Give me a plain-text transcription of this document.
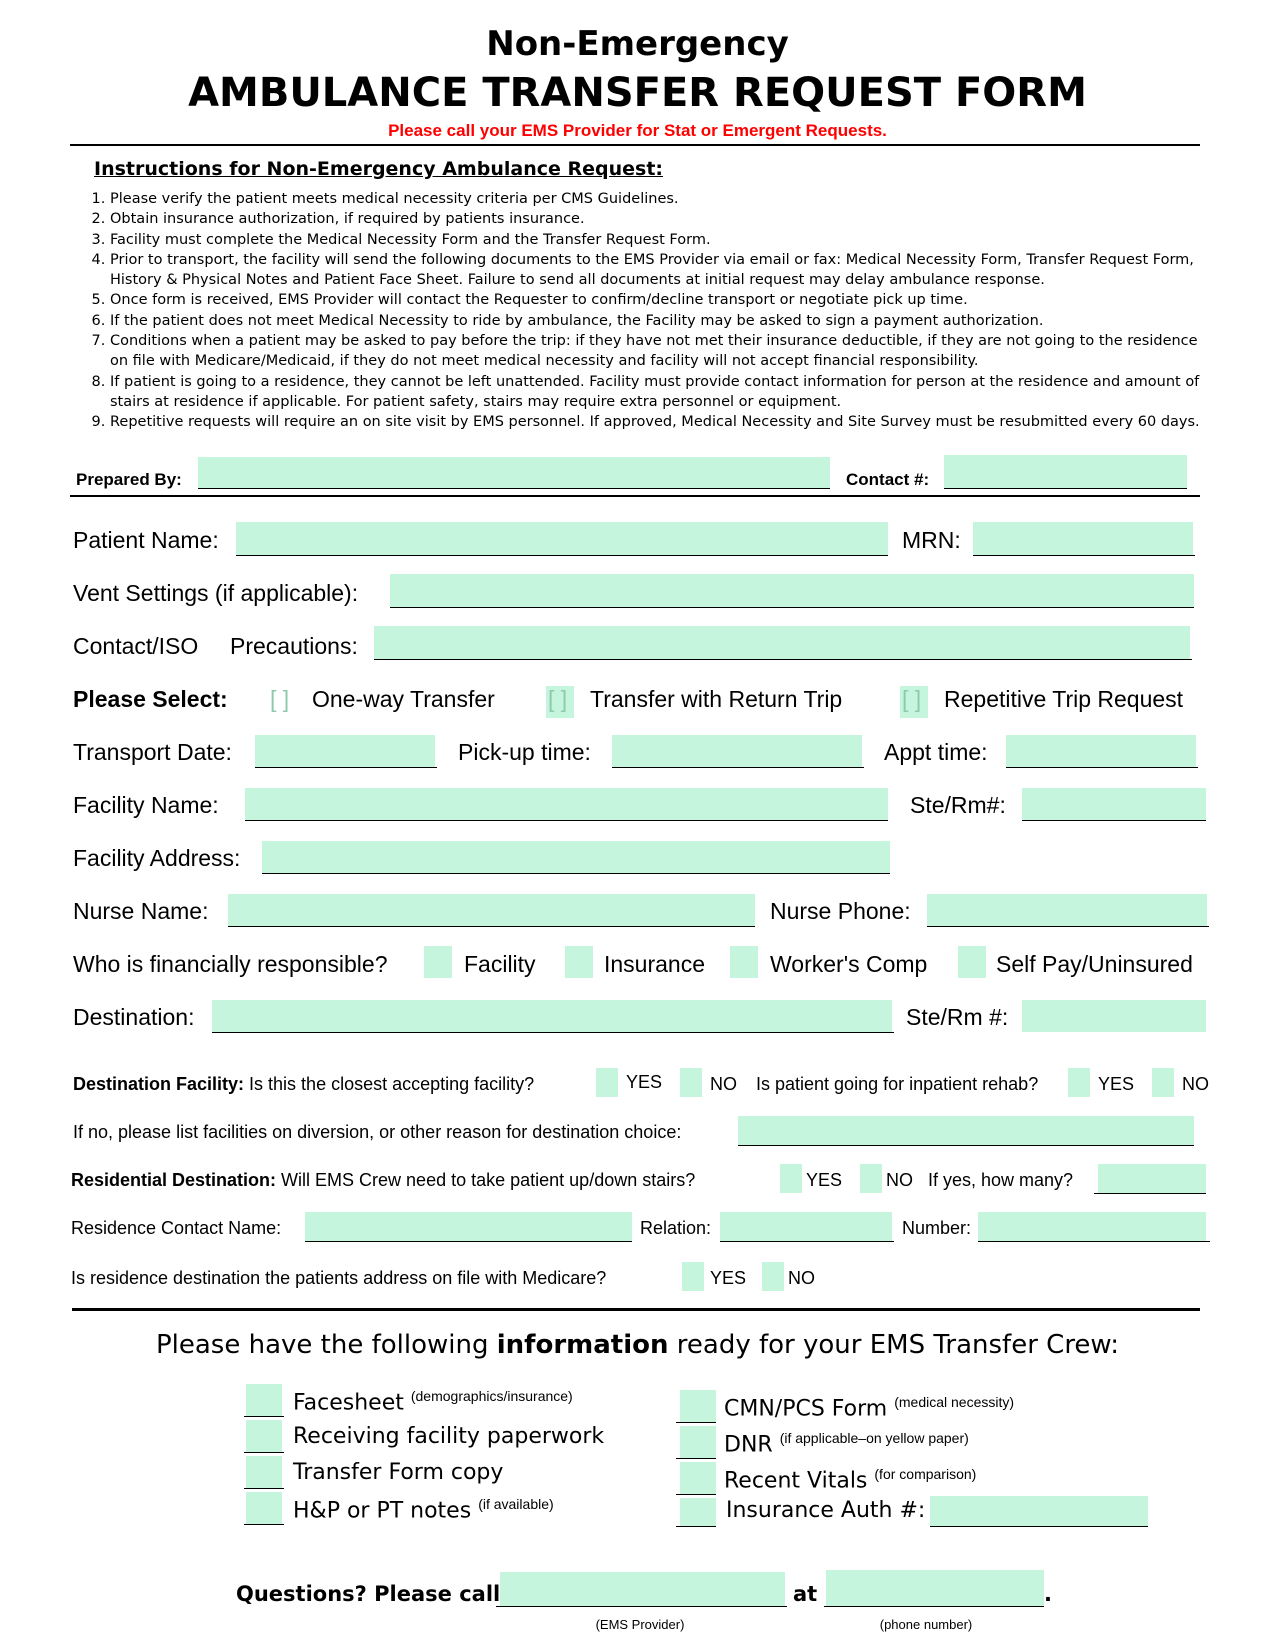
Non-Emergency
AMBULANCE TRANSFER REQUEST FORM
Please call your EMS Provider for Stat or Emergent Requests.
Instructions for Non-Emergency Ambulance Request:
1. Please verify the patient meets medical necessity criteria per CMS Guidelines.
2. Obtain insurance authorization, if required by patients insurance.
3. Facility must complete the Medical Necessity Form and the Transfer Request Form.
4. Prior to transport, the facility will send the following documents to the EMS Provider via email or fax: Medical Necessity Form, Transfer Request Form, History & Physical Notes and Patient Face Sheet. Failure to send all documents at initial request may delay ambulance response.
5. Once form is received, EMS Provider will contact the Requester to confirm/decline transport or negotiate pick up time.
6. If the patient does not meet Medical Necessity to ride by ambulance, the Facility may be asked to sign a payment authorization.
7. Conditions when a patient may be asked to pay before the trip: if they have not met their insurance deductible, if they are not going to the residence on file with Medicare/Medicaid, if they do not meet medical necessity and facility will not accept financial responsibility.
8. If patient is going to a residence, they cannot be left unattended. Facility must provide contact information for person at the residence and amount of stairs at residence if applicable. For patient safety, stairs may require extra personnel or equipment.
9. Repetitive requests will require an on site visit by EMS personnel. If approved, Medical Necessity and Site Survey must be resubmitted every 60 days.
Prepared By:	Contact #:
Patient Name:	MRN:
Vent Settings (if applicable):
Contact/ISO Precautions:
Please Select: [ ] One-way Transfer [ ] Transfer with Return Trip	[ ] Repetitive Trip Request
Transport Date:	Pick-up time:	Appt time:
Facility Name:	Ste/Rm#:
Facility Address:
Nurse Name:	Nurse Phone:
Who is financially responsible?	Facility	Insurance	Worker's Comp	Self Pay/Uninsured
Destination:	Ste/Rm #:
Destination Facility: Is this the closest accepting facility?	YES	NO Is patient going for inpatient rehab?	YES	NO
If no, please list facilities on diversion, or other reason for destination choice:
Residential Destination: Will EMS Crew need to take patient up/down stairs?	YES NO If yes, how many?
Residence Contact Name:	Relation:	Number:
Is residence destination the patients address on file with Medicare?	YES NO
Please have the following information ready for your EMS Transfer Crew:
Facesheet $^{(demographics/insurance)}$
Receiving facility paperwork
Transfer Form copy
H&P or PT notes $^{(if available)}$
CMN/PCS Form $^{(medical necessity)}$
DNR $^{(if applicable-on yellow paper)}$
Recent Vitals $^{(for comparison)}$
Insurance Auth #:
Questions? Please call	at	.
(EMS Provider)	(phone number)
